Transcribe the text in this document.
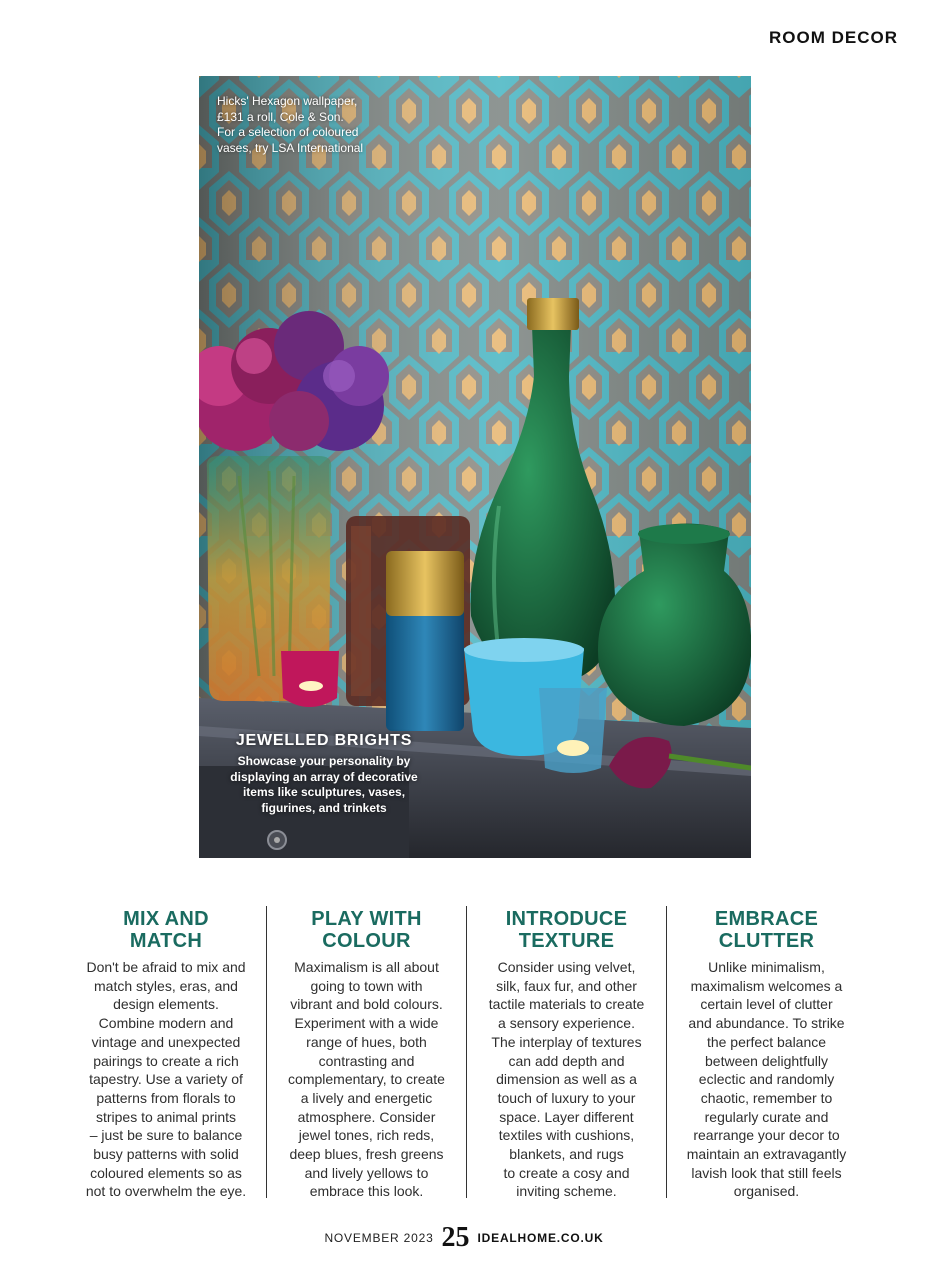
ROOM DECOR
Hicks' Hexagon wallpaper,
£131 a roll, Cole & Son.
For a selection of coloured
vases, try LSA International
JEWELLED BRIGHTS
Showcase your personality by displaying an array of decorative items like sculptures, vases, figurines, and trinkets
MIX AND
MATCH

Don't be afraid to mix and
match styles, eras, and
design elements.
Combine modern and
vintage and unexpected
pairings to create a rich
tapestry. Use a variety of
patterns from florals to
stripes to animal prints
– just be sure to balance
busy patterns with solid
coloured elements so as
not to overwhelm the eye.

PLAY WITH
COLOUR

Maximalism is all about
going to town with
vibrant and bold colours.
Experiment with a wide
range of hues, both
contrasting and
complementary, to create
a lively and energetic
atmosphere. Consider
jewel tones, rich reds,
deep blues, fresh greens
and lively yellows to
embrace this look.

INTRODUCE
TEXTURE

Consider using velvet,
silk, faux fur, and other
tactile materials to create
a sensory experience.
The interplay of textures
can add depth and
dimension as well as a
touch of luxury to your
space. Layer different
textiles with cushions,
blankets, and rugs
to create a cosy and
inviting scheme.

EMBRACE
CLUTTER

Unlike minimalism,
maximalism welcomes a
certain level of clutter
and abundance. To strike
the perfect balance
between delightfully
eclectic and randomly
chaotic, remember to
regularly curate and
rearrange your decor to
maintain an extravagantly
lavish look that still feels
organised.

NOVEMBER 2023 25 IDEALHOME.CO.UK
